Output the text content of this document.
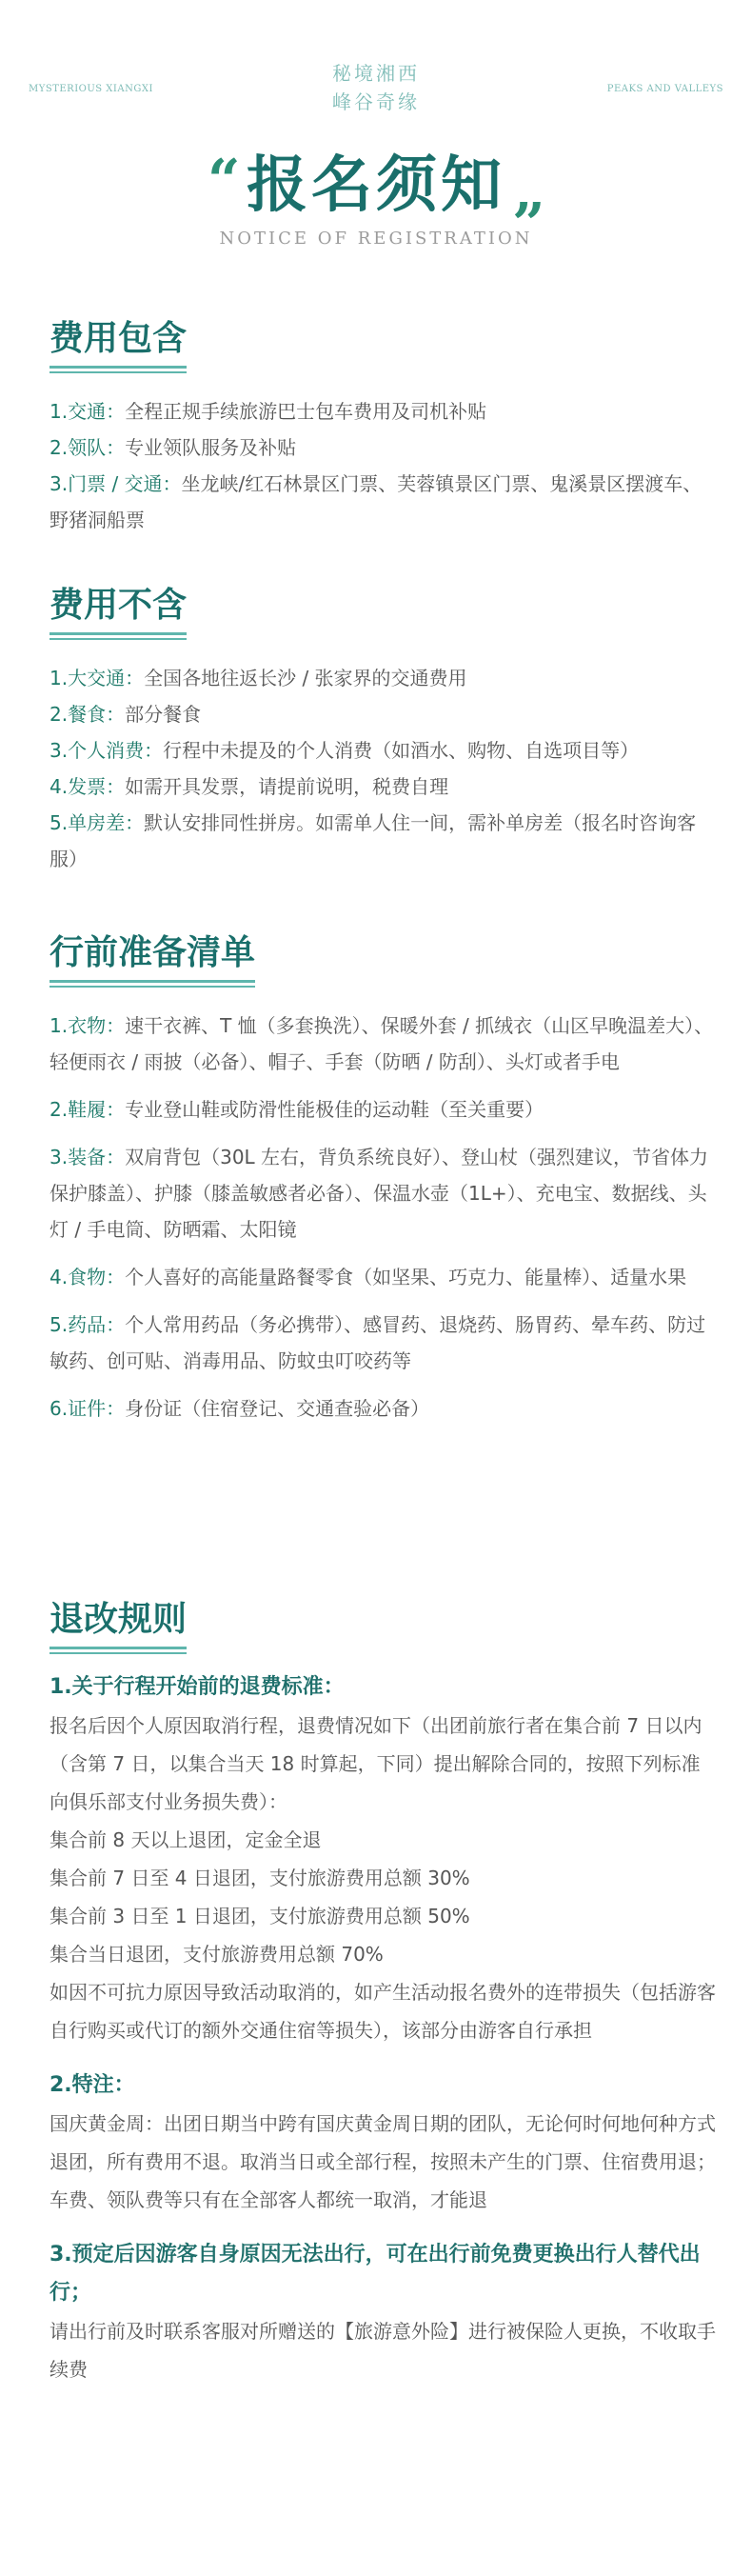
MYSTERIOUS XIANGXI
秘境湘西
峰谷奇缘
PEAKS AND VALLEYS
“ 报名须知
”
NOTICE OF REGISTRATION
费用包含
1.交通：全程正规手续旅游巴士包车费用及司机补贴
2.领队：专业领队服务及补贴
3.门票 / 交通：坐龙峡/红石林景区门票、芙蓉镇景区门票、鬼溪景区摆渡车、野猪洞船票
费用不含
1.大交通：全国各地往返长沙 / 张家界的交通费用
2.餐食：部分餐食
3.个人消费：行程中未提及的个人消费（如酒水、购物、自选项目等）
4.发票：如需开具发票，请提前说明，税费自理
5.单房差：默认安排同性拼房。如需单人住一间，需补单房差（报名时咨询客服）
行前准备清单
1.衣物：速干衣裤、T 恤（多套换洗）、保暖外套 / 抓绒衣（山区早晚温差大）、轻便雨衣 / 雨披（必备）、帽子、手套（防晒 / 防刮）、头灯或者手电
2.鞋履：专业登山鞋或防滑性能极佳的运动鞋（至关重要）
3.装备：双肩背包（30L 左右，背负系统良好）、登山杖（强烈建议，节省体力保护膝盖）、护膝（膝盖敏感者必备）、保温水壶（1L+）、充电宝、数据线、头灯 / 手电筒、防晒霜、太阳镜
4.食物：个人喜好的高能量路餐零食（如坚果、巧克力、能量棒）、适量水果
5.药品：个人常用药品（务必携带）、感冒药、退烧药、肠胃药、晕车药、防过敏药、创可贴、消毒用品、防蚊虫叮咬药等
6.证件：身份证（住宿登记、交通查验必备）
退改规则
1.关于行程开始前的退费标准：
报名后因个人原因取消行程，退费情况如下（出团前旅行者在集合前 7 日以内（含第 7 日，以集合当天 18 时算起，下同）提出解除合同的，按照下列标准向俱乐部支付业务损失费）：
集合前 8 天以上退团，定金全退
集合前 7 日至 4 日退团，支付旅游费用总额 30%
集合前 3 日至 1 日退团，支付旅游费用总额 50%
集合当日退团，支付旅游费用总额 70%
如因不可抗力原因导致活动取消的，如产生活动报名费外的连带损失（包括游客自行购买或代订的额外交通住宿等损失），该部分由游客自行承担
2.特注：
国庆黄金周：出团日期当中跨有国庆黄金周日期的团队，无论何时何地何种方式退团，所有费用不退。取消当日或全部行程，按照未产生的门票、住宿费用退；车费、领队费等只有在全部客人都统一取消，才能退
3.预定后因游客自身原因无法出行，可在出行前免费更换出行人替代出行；
请出行前及时联系客服对所赠送的【旅游意外险】进行被保险人更换，不收取手续费
